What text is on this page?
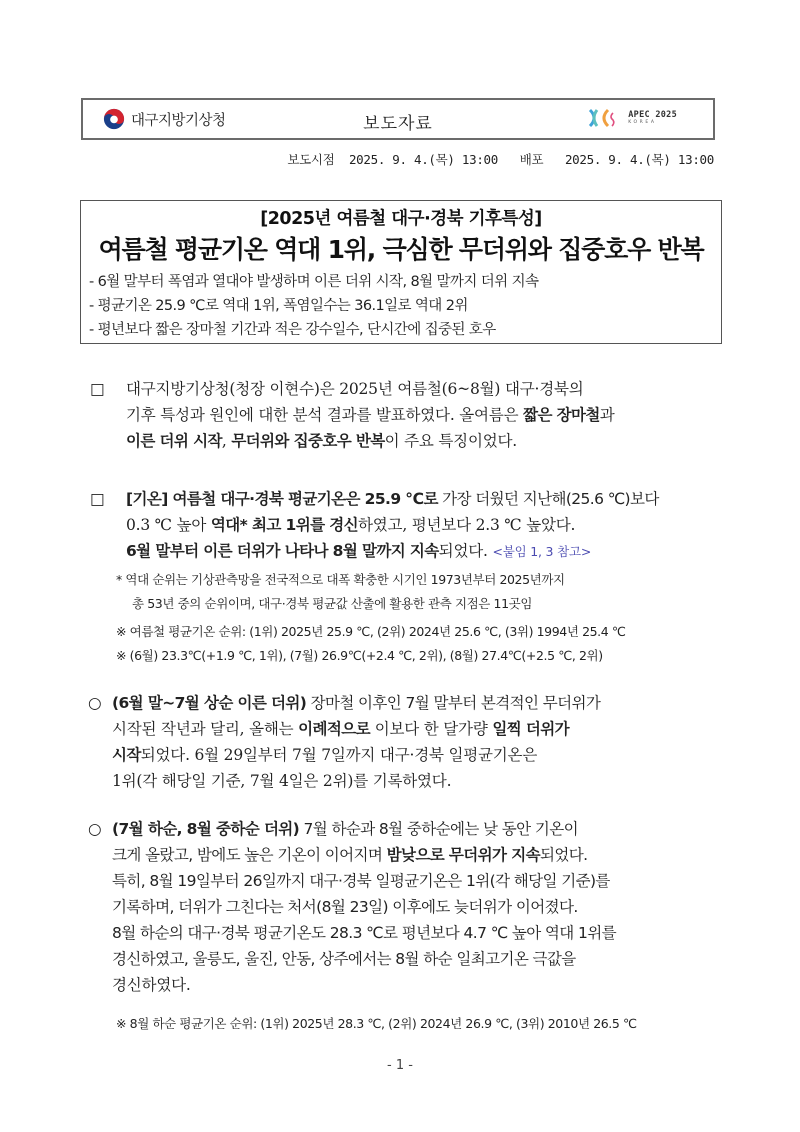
대구지방기상청	보도자료	APEC 2025
KOREA
보도시점 2025. 9. 4.(목) 13:00 배포 2025. 9. 4.(목) 13:00
[2025년 여름철 대구·경북 기후특성]
여름철 평균기온 역대 1위, 극심한 무더위와 집중호우 반복
- 6월 말부터 폭염과 열대야 발생하며 이른 더위 시작, 8월 말까지 더위 지속
- 평균기온 25.9 ℃로 역대 1위, 폭염일수는 36.1일로 역대 2위
- 평년보다 짧은 장마철 기간과 적은 강수일수, 단시간에 집중된 호우
□	대구지방기상청(청장 이현수)은 2025년 여름철(6~8월) 대구·경북의
기후 특성과 원인에 대한 분석 결과를 발표하였다. 올여름은 짧은 장마철과
이른 더위 시작, 무더위와 집중호우 반복이 주요 특징이었다.
□	[기온] 여름철 대구·경북 평균기온은 25.9 ℃로 가장 더웠던 지난해(25.6 ℃)보다
0.3 ℃ 높아 역대* 최고 1위를 경신하였고, 평년보다 2.3 ℃ 높았다.
6월 말부터 이른 더위가 나타나 8월 말까지 지속되었다. <붙임 1, 3 참고>
* 역대 순위는 기상관측망을 전국적으로 대폭 확충한 시기인 1973년부터 2025년까지
총 53년 중의 순위이며, 대구·경북 평균값 산출에 활용한 관측 지점은 11곳임
※ 여름철 평균기온 순위: (1위) 2025년 25.9 ℃, (2위) 2024년 25.6 ℃, (3위) 1994년 25.4 ℃
※ (6월) 23.3℃(+1.9 ℃, 1위), (7월) 26.9℃(+2.4 ℃, 2위), (8월) 27.4℃(+2.5 ℃, 2위)
○ (6월 말~7월 상순 이른 더위) 장마철 이후인 7월 말부터 본격적인 무더위가
시작된 작년과 달리, 올해는 이례적으로 이보다 한 달가량 일찍 더위가
시작되었다. 6월 29일부터 7월 7일까지 대구·경북 일평균기온은
1위(각 해당일 기준, 7월 4일은 2위)를 기록하였다.
○ (7월 하순, 8월 중하순 더위) 7월 하순과 8월 중하순에는 낮 동안 기온이
크게 올랐고, 밤에도 높은 기온이 이어지며 밤낮으로 무더위가 지속되었다.
특히, 8월 19일부터 26일까지 대구·경북 일평균기온은 1위(각 해당일 기준)를
기록하며, 더위가 그친다는 처서(8월 23일) 이후에도 늦더위가 이어졌다.
8월 하순의 대구·경북 평균기온도 28.3 ℃로 평년보다 4.7 ℃ 높아 역대 1위를
경신하였고, 울릉도, 울진, 안동, 상주에서는 8월 하순 일최고기온 극값을
경신하였다.
※ 8월 하순 평균기온 순위: (1위) 2025년 28.3 ℃, (2위) 2024년 26.9 ℃, (3위) 2010년 26.5 ℃
- 1 -
